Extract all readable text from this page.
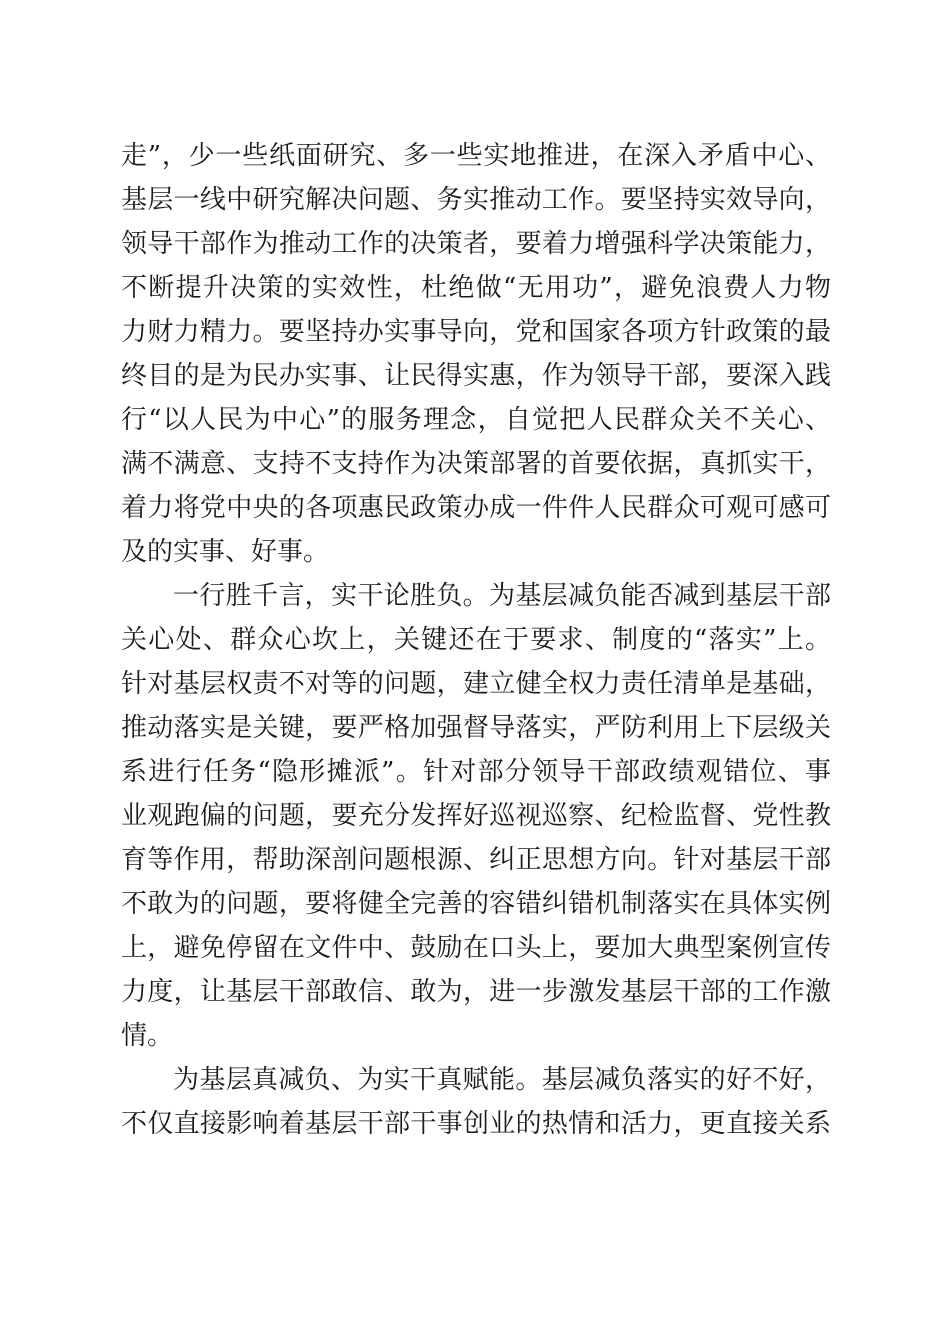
走”，少一些纸面研究、多一些实地推进，在深入矛盾中心、
基层一线中研究解决问题、务实推动工作。要坚持实效导向，
领导干部作为推动工作的决策者，要着力增强科学决策能力，
不断提升决策的实效性，杜绝做“无用功”，避免浪费人力物
力财力精力。要坚持办实事导向，党和国家各项方针政策的最
终目的是为民办实事、让民得实惠，作为领导干部，要深入践
行“以人民为中心”的服务理念，自觉把人民群众关不关心、
满不满意、支持不支持作为决策部署的首要依据，真抓实干，
着力将党中央的各项惠民政策办成一件件人民群众可观可感可
及的实事、好事。
一行胜千言，实干论胜负。为基层减负能否减到基层干部
关心处、群众心坎上，关键还在于要求、制度的“落实”上。
针对基层权责不对等的问题，建立健全权力责任清单是基础，
推动落实是关键，要严格加强督导落实，严防利用上下层级关
系进行任务“隐形摊派”。针对部分领导干部政绩观错位、事
业观跑偏的问题，要充分发挥好巡视巡察、纪检监督、党性教
育等作用，帮助深剖问题根源、纠正思想方向。针对基层干部
不敢为的问题，要将健全完善的容错纠错机制落实在具体实例
上，避免停留在文件中、鼓励在口头上，要加大典型案例宣传
力度，让基层干部敢信、敢为，进一步激发基层干部的工作激
情。
为基层真减负、为实干真赋能。基层减负落实的好不好，
不仅直接影响着基层干部干事创业的热情和活力，更直接关系
